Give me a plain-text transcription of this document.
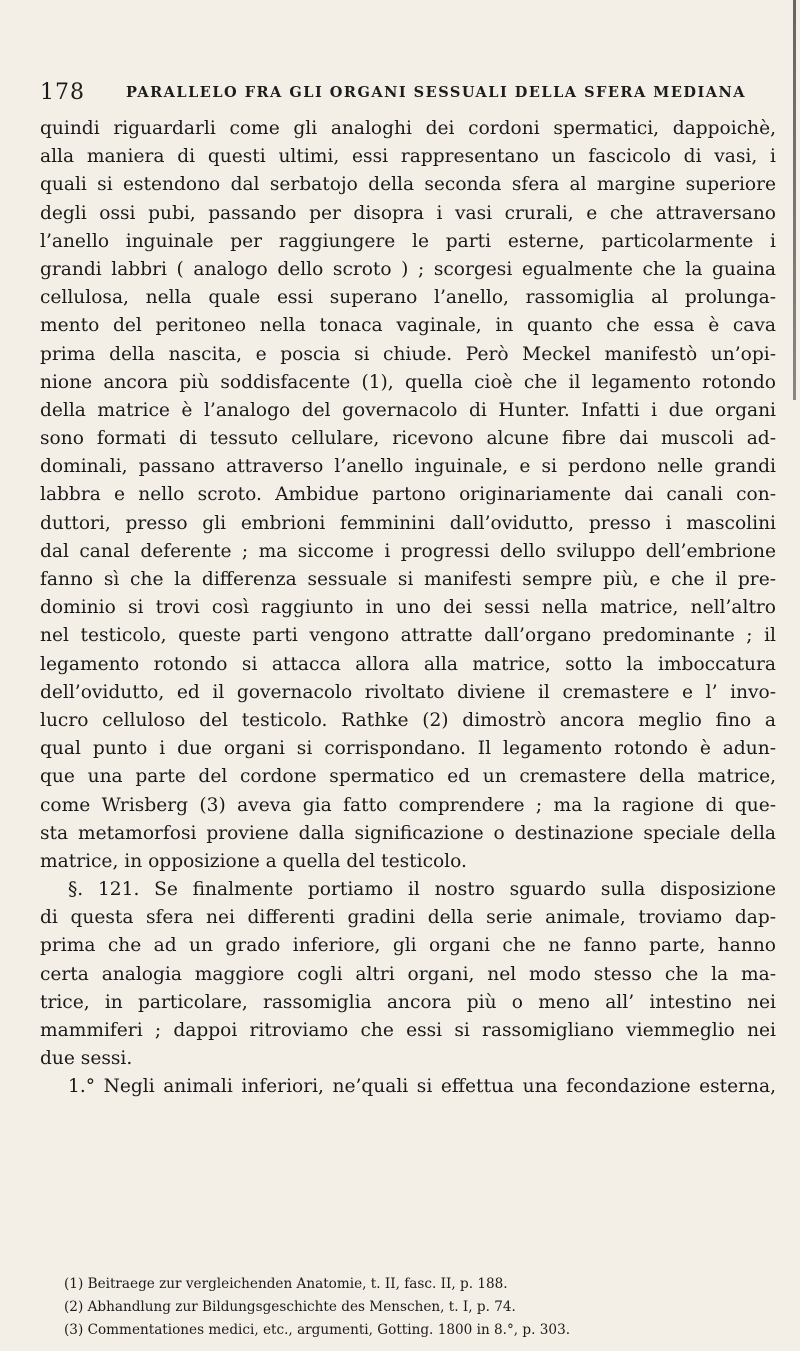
178	PARALLELO FRA GLI ORGANI SESSUALI DELLA SFERA MEDIANA
quindi riguardarli come gli analoghi dei cordoni spermatici, dappoichè,
alla maniera di questi ultimi, essi rappresentano un fascicolo di vasi, i
quali si estendono dal serbatojo della seconda sfera al margine superiore
degli ossi pubi, passando per disopra i vasi crurali, e che attraversano
l’anello inguinale per raggiungere le parti esterne, particolarmente i
grandi labbri ( analogo dello scroto ) ; scorgesi egualmente che la guaina
cellulosa, nella quale essi superano l’anello, rassomiglia al prolunga-
mento del peritoneo nella tonaca vaginale, in quanto che essa è cava
prima della nascita, e poscia si chiude. Però Meckel manifestò un’opi-
nione ancora più soddisfacente (1), quella cioè che il legamento rotondo
della matrice è l’analogo del governacolo di Hunter. Infatti i due organi
sono formati di tessuto cellulare, ricevono alcune fibre dai muscoli ad-
dominali, passano attraverso l’anello inguinale, e si perdono nelle grandi
labbra e nello scroto. Ambidue partono originariamente dai canali con-
duttori, presso gli embrioni femminini dall’ovidutto, presso i mascolini
dal canal deferente ; ma siccome i progressi dello sviluppo dell’embrione
fanno sì che la differenza sessuale si manifesti sempre più, e che il pre-
dominio si trovi così raggiunto in uno dei sessi nella matrice, nell’altro
nel testicolo, queste parti vengono attratte dall’organo predominante ; il
legamento rotondo si attacca allora alla matrice, sotto la imboccatura
dell’ovidutto, ed il governacolo rivoltato diviene il cremastere e l’ invo-
lucro celluloso del testicolo. Rathke (2) dimostrò ancora meglio fino a
qual punto i due organi si corrispondano. Il legamento rotondo è adun-
que una parte del cordone spermatico ed un cremastere della matrice,
come Wrisberg (3) aveva gia fatto comprendere ; ma la ragione di que-
sta metamorfosi proviene dalla significazione o destinazione speciale della
matrice, in opposizione a quella del testicolo.
§. 121. Se finalmente portiamo il nostro sguardo sulla disposizione
di questa sfera nei differenti gradini della serie animale, troviamo dap-
prima che ad un grado inferiore, gli organi che ne fanno parte, hanno
certa analogia maggiore cogli altri organi, nel modo stesso che la ma-
trice, in particolare, rassomiglia ancora più o meno all’ intestino nei
mammiferi ; dappoi ritroviamo che essi si rassomigliano viemmeglio nei
due sessi.
1.° Negli animali inferiori, ne’quali si effettua una fecondazione esterna,
(1) Beitraege zur vergleichenden Anatomie, t. II, fasc. II, p. 188.
(2) Abhandlung zur Bildungsgeschichte des Menschen, t. I, p. 74.
(3) Commentationes medici, etc., argumenti, Gotting. 1800 in 8.°, p. 303.
